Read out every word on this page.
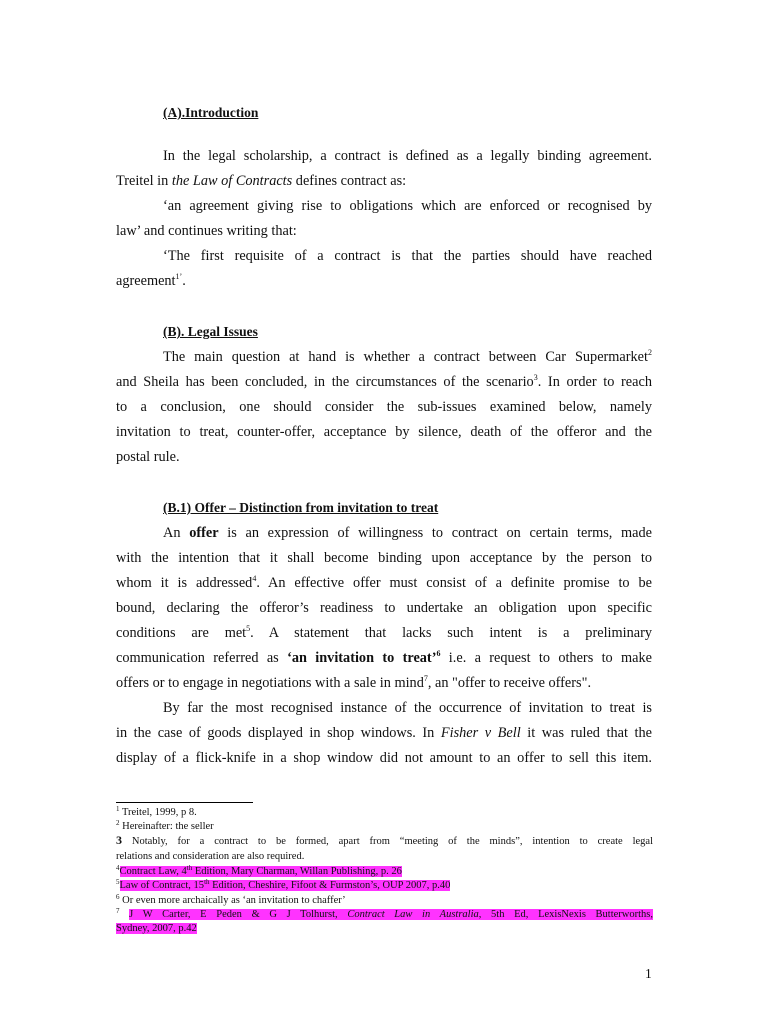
(A).Introduction
In the legal scholarship, a contract is defined as a legally binding agreement.
Treitel in the Law of Contracts defines contract as:
‘an agreement giving rise to obligations which are enforced or recognised by
law’ and continues writing that:
‘The first requisite of a contract is that the parties should have reached
agreement$^{1’}$.
(B). Legal Issues
The main question at hand is whether a contract between Car Supermarket$^2$
and Sheila has been concluded, in the circumstances of the scenario$^3$. In order to reach
to a conclusion, one should consider the sub-issues examined below, namely
invitation to treat, counter-offer, acceptance by silence, death of the offeror and the
postal rule.
(B.1) Offer – Distinction from invitation to treat
An offer is an expression of willingness to contract on certain terms, made
with the intention that it shall become binding upon acceptance by the person to
whom it is addressed$^4$. An effective offer must consist of a definite promise to be
bound, declaring the offeror’s readiness to undertake an obligation upon specific
conditions are met$^5$. A statement that lacks such intent is a preliminary
communication referred as ‘an invitation to treat’$^6$ i.e. a request to others to make
offers or to engage in negotiations with a sale in mind$^7$, an "offer to receive offers".
By far the most recognised instance of the occurrence of invitation to treat is
in the case of goods displayed in shop windows. In Fisher v Bell it was ruled that the
display of a flick-knife in a shop window did not amount to an offer to sell this item.
$^1$ Treitel, 1999, p 8.
$^2$ Hereinafter: the seller
3 Notably, for a contract to be formed, apart from “meeting of the minds”, intention to create legal
relations and consideration are also required.
$^4$Contract Law, 4th Edition, Mary Charman, Willan Publishing, p. 26
$^5$Law of Contract, 15th Edition, Cheshire, Fifoot & Furmston’s, OUP 2007, p.40
$^6$ Or even more archaically as ‘an invitation to chaffer’
$^7$ J W Carter, E Peden & G J Tolhurst, Contract Law in Australia, 5th Ed, LexisNexis Butterworths,
Sydney, 2007, p.42
1
